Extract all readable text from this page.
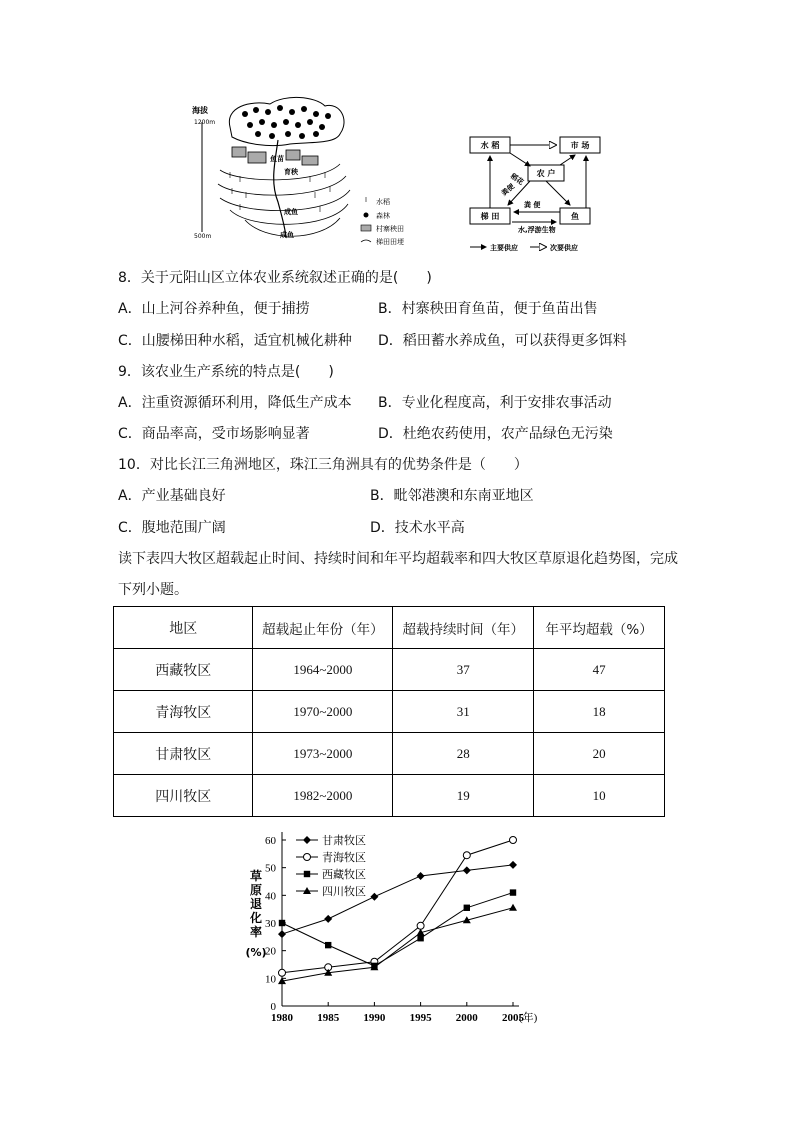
海拔
1200m
500m
鱼苗
育秧
成鱼
成鱼
水稻
森林
村寨秧田
梯田田埂
水 稻	市 场
农 户
梯 田	鱼
稻花
粪便
粪 便
水,浮游生物
主要供应	次要供应
8．关于元阳山区立体农业系统叙述正确的是(　　)
A．山上河谷养种鱼，便于捕捞	B．村寨秧田育鱼苗，便于鱼苗出售
C．山腰梯田种水稻，适宜机械化耕种 D．稻田蓄水养成鱼，可以获得更多饵料
9．该农业生产系统的特点是(　　)
A．注重资源循环利用，降低生产成本 B．专业化程度高，利于安排农事活动
C．商品率高，受市场影响显著	D．杜绝农药使用，农产品绿色无污染
10．对比长江三角洲地区，珠江三角洲具有的优势条件是（　　）
A．产业基础良好	B．毗邻港澳和东南亚地区
C．腹地范围广阔	D．技术水平高
读下表四大牧区超载起止时间、持续时间和年平均超载率和四大牧区草原退化趋势图，完成
下列小题。
地区	超载起止年份（年）	超载持续时间（年）	年平均超载（%）
西藏牧区	1964~2000	37	47
青海牧区	1970~2000	31	18
甘肃牧区	1973~2000	28	20
四川牧区	1982~2000	19	10
草
原
退
化
率
(%)
0
10
20
30
40
50
60
1980 1985 1990 1995 2000 2005
(年)
甘肃牧区
青海牧区
西藏牧区
四川牧区
